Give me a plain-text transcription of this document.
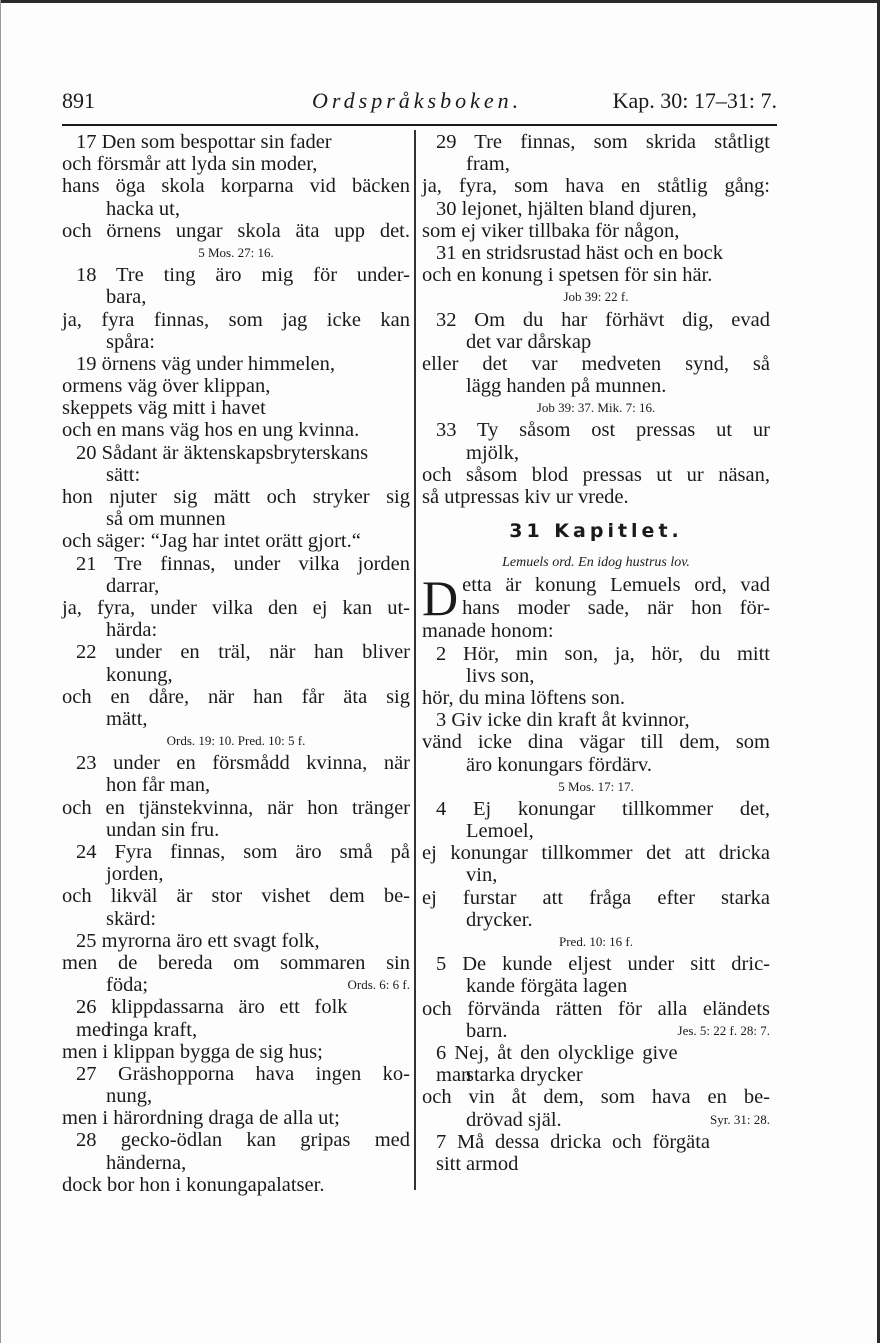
891	Ordspråksboken.	Kap. 30: 17–31: 7.
17 Den som bespottar sin fader
och försmår att lyda sin moder,
hans öga skola korparna vid bäcken
hacka ut,
och örnens ungar skola äta upp det.
5 Mos. 27: 16.
18 Tre ting äro mig för under-
bara,
ja, fyra finnas, som jag icke kan
spåra:
19 örnens väg under himmelen,
ormens väg över klippan,
skeppets väg mitt i havet
och en mans väg hos en ung kvinna.
20 Sådant är äktenskapsbryterskans
sätt:
hon njuter sig mätt och stryker sig
så om munnen
och säger: “Jag har intet orätt gjort.“
21 Tre finnas, under vilka jorden
darrar,
ja, fyra, under vilka den ej kan ut-
härda:
22 under en träl, när han bliver
konung,
och en dåre, när han får äta sig
mätt,
Ords. 19: 10. Pred. 10: 5 f.
23 under en försmådd kvinna, när
hon får man,
och en tjänstekvinna, när hon tränger
undan sin fru.
24 Fyra finnas, som äro små på
jorden,
och likväl är stor vishet dem be-
skärd:
25 myrorna äro ett svagt folk,
men de bereda om sommaren sin
föda;	Ords. 6: 6 f.
26 klippdassarna äro ett folk med
ringa kraft,
men i klippan bygga de sig hus;
27 Gräshopporna hava ingen ko-
nung,
men i härordning draga de alla ut;
28 gecko-ödlan kan gripas med
händerna,
dock bor hon i konungapalatser.
29 Tre finnas, som skrida ståtligt
fram,
ja, fyra, som hava en ståtlig gång:
30 lejonet, hjälten bland djuren,
som ej viker tillbaka för någon,
31 en stridsrustad häst och en bock
och en konung i spetsen för sin här.
Job 39: 22 f.
32 Om du har förhävt dig, evad
det var dårskap
eller det var medveten synd, så
lägg handen på munnen.
Job 39: 37. Mik. 7: 16.
33 Ty såsom ost pressas ut ur
mjölk,
och såsom blod pressas ut ur näsan,
så utpressas kiv ur vrede.
31 Kapitlet.
Lemuels ord. En idog hustrus lov.
D etta är konung Lemuels ord, vad
hans moder sade, när hon för-
manade honom:
2 Hör, min son, ja, hör, du mitt
livs son,
hör, du mina löftens son.
3 Giv icke din kraft åt kvinnor,
vänd icke dina vägar till dem, som
äro konungars fördärv.
5 Mos. 17: 17.
4 Ej konungar tillkommer det,
Lemoel,
ej konungar tillkommer det att dricka
vin,
ej furstar att fråga efter starka
drycker.
Pred. 10: 16 f.
5 De kunde eljest under sitt dric-
kande förgäta lagen
och förvända rätten för alla eländets
barn.	Jes. 5: 22 f. 28: 7.
6 Nej, åt den olycklige give man
starka drycker
och vin åt dem, som hava en be-
drövad själ.	Syr. 31: 28.
7 Må dessa dricka och förgäta sitt armod
